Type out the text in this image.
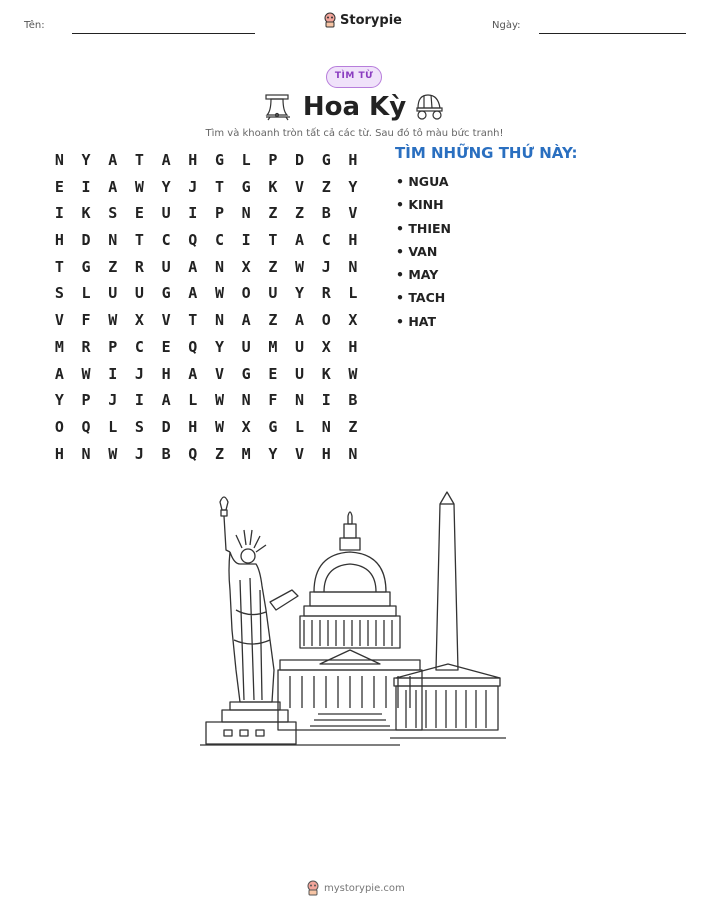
Tên:	Storypie	Ngày:
TÌM TỪ
Hoa Kỳ
Tìm và khoanh tròn tất cả các từ. Sau đó tô màu bức tranh!
N	Y	A	T	A	H	G	L	P	D	G	H
E	I	A	W	Y	J	T	G	K	V	Z	Y
I	K	S	E	U	I	P	N	Z	Z	B	V
H	D	N	T	C	Q	C	I	T	A	C	H
T	G	Z	R	U	A	N	X	Z	W	J	N
S	L	U	U	G	A	W	O	U	Y	R	L
V	F	W	X	V	T	N	A	Z	A	O	X
M	R	P	C	E	Q	Y	U	M	U	X	H
A	W	I	J	H	A	V	G	E	U	K	W
Y	P	J	I	A	L	W	N	F	N	I	B
O	Q	L	S	D	H	W	X	G	L	N	Z
H	N	W	J	B	Q	Z	M	Y	V	H	N
TÌM NHỮNG THỨ NÀY:
• NGUA
• KINH
• THIEN
• VAN
• MAY
• TACH
• HAT
mystorypie.com
